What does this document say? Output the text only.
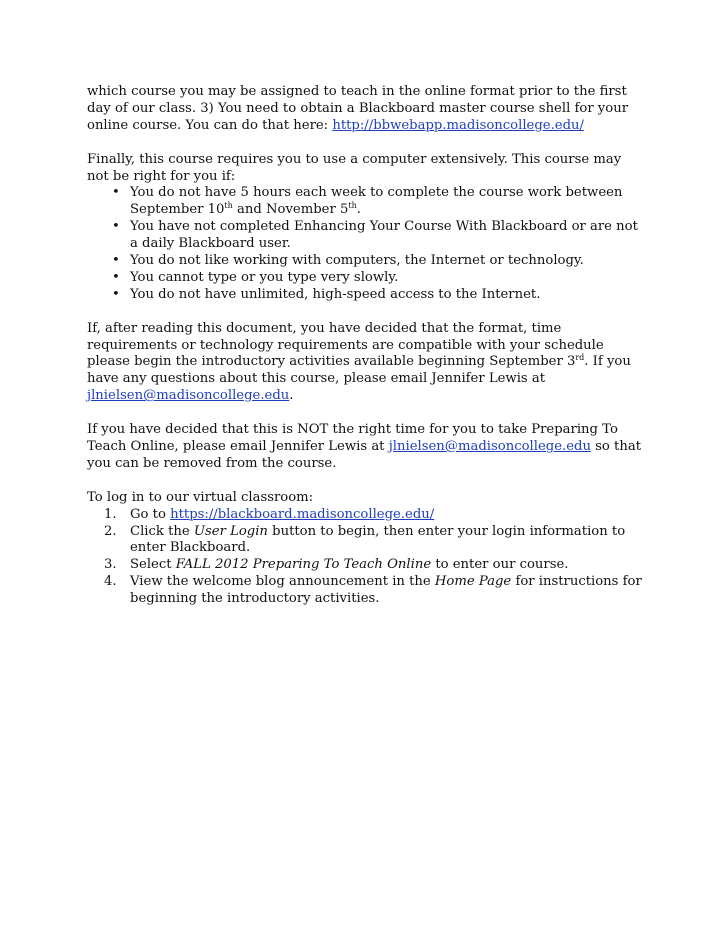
which course you may be assigned to teach in the online format prior to the first day of our class. 3) You need to obtain a Blackboard master course shell for your online course. You can do that here: http://bbwebapp.madisoncollege.edu/

Finally, this course requires you to use a computer extensively. This course may not be right for you if:

• You do not have 5 hours each week to complete the course work between September 10th and November 5th.
• You have not completed Enhancing Your Course With Blackboard or are not a daily Blackboard user.
• You do not like working with computers, the Internet or technology.
• You cannot type or you type very slowly.
• You do not have unlimited, high-speed access to the Internet.

If, after reading this document, you have decided that the format, time requirements or technology requirements are compatible with your schedule please begin the introductory activities available beginning September 3rd. If you have any questions about this course, please email Jennifer Lewis at jlnielsen@madisoncollege.edu.

If you have decided that this is NOT the right time for you to take Preparing To Teach Online, please email Jennifer Lewis at jlnielsen@madisoncollege.edu so that you can be removed from the course.

To log in to our virtual classroom:

1. Go to https://blackboard.madisoncollege.edu/
2. Click the User Login button to begin, then enter your login information to enter Blackboard.
3. Select FALL 2012 Preparing To Teach Online to enter our course.
4. View the welcome blog announcement in the Home Page for instructions for beginning the introductory activities.
